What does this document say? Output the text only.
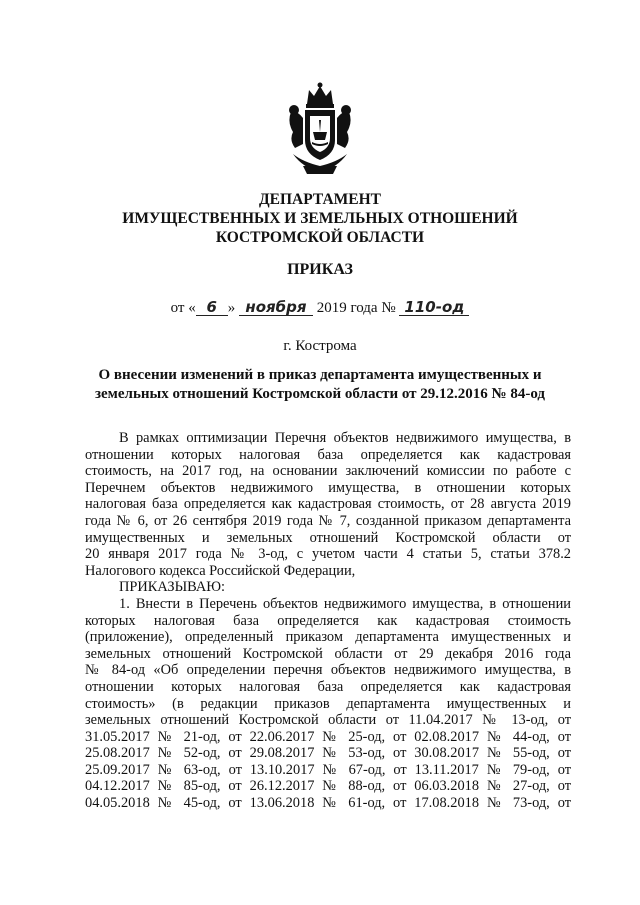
ДЕПАРТАМЕНТ
ИМУЩЕСТВЕННЫХ И ЗЕМЕЛЬНЫХ ОТНОШЕНИЙ
КОСТРОМСКОЙ ОБЛАСТИ
ПРИКАЗ
от « 6 » ноября 2019 года № 110-од
г. Кострома
О внесении изменений в приказ департамента имущественных и
земельных отношений Костромской области от 29.12.2016 № 84-од
В рамках оптимизации Перечня объектов недвижимого имущества, в
отношении которых налоговая база определяется как кадастровая
стоимость, на 2017 год, на основании заключений комиссии по работе с
Перечнем объектов недвижимого имущества, в отношении которых
налоговая база определяется как кадастровая стоимость, от 28 августа 2019
года № 6, от 26 сентября 2019 года № 7, созданной приказом департамента
имущественных и земельных отношений Костромской области от
20 января 2017 года № 3-од, с учетом части 4 статьи 5, статьи 378.2
Налогового кодекса Российской Федерации,
ПРИКАЗЫВАЮ:
1. Внести в Перечень объектов недвижимого имущества, в отношении
которых налоговая база определяется как кадастровая стоимость
(приложение), определенный приказом департамента имущественных и
земельных отношений Костромской области от 29 декабря 2016 года
№ 84-од «Об определении перечня объектов недвижимого имущества, в
отношении которых налоговая база определяется как кадастровая
стоимость» (в редакции приказов департамента имущественных и
земельных отношений Костромской области от 11.04.2017 № 13-од, от
31.05.2017 № 21-од, от 22.06.2017 № 25-од, от 02.08.2017 № 44-од, от
25.08.2017 № 52-од, от 29.08.2017 № 53-од, от 30.08.2017 № 55-од, от
25.09.2017 № 63-од, от 13.10.2017 № 67-од, от 13.11.2017 № 79-од, от
04.12.2017 № 85-од, от 26.12.2017 № 88-од, от 06.03.2018 № 27-од, от
04.05.2018 № 45-од, от 13.06.2018 № 61-од, от 17.08.2018 № 73-од, от
